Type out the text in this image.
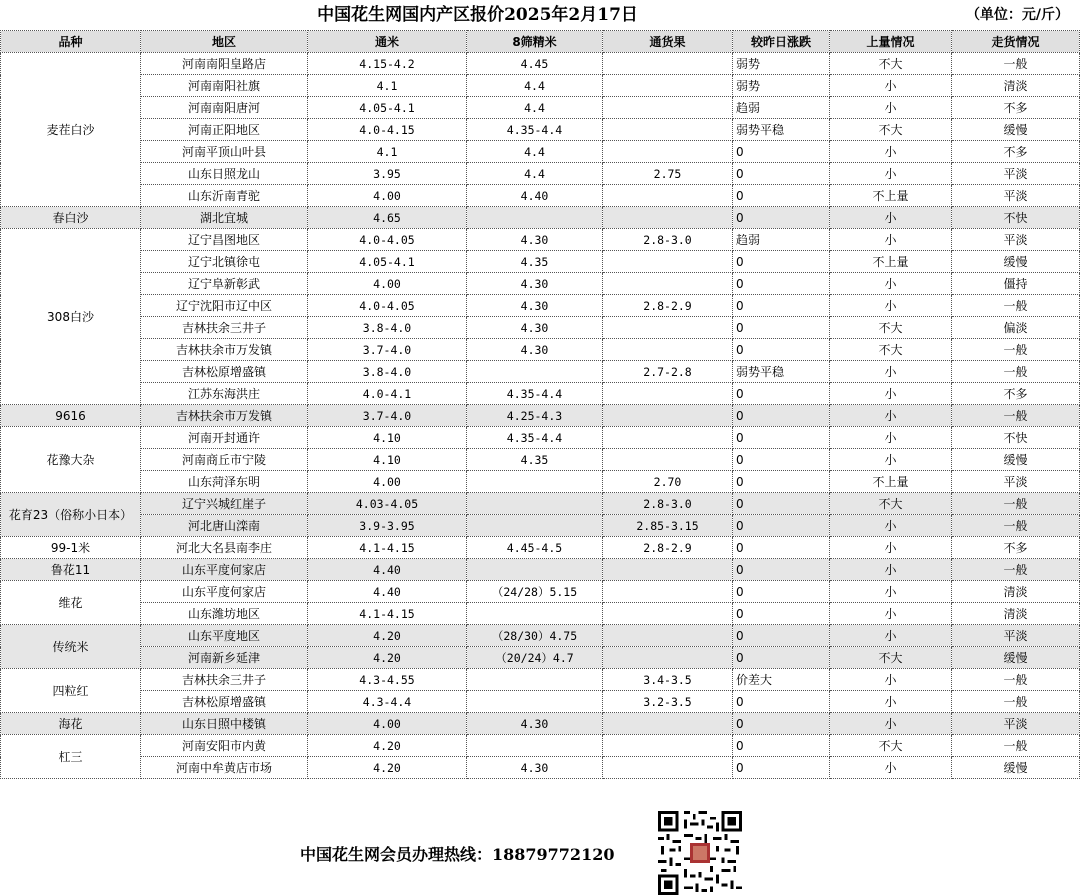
中国花生网国内产区报价2025年2月17日	（单位：元/斤）
品种	地区	通米	8筛精米	通货果	较昨日涨跌	上量情况	走货情况
麦茬白沙	河南南阳皇路店	4.15-4.2	4.45		弱势	不大	一般
	河南南阳社旗	4.1	4.4		弱势	小	清淡
	河南南阳唐河	4.05-4.1	4.4		趋弱	小	不多
	河南正阳地区	4.0-4.15	4.35-4.4		弱势平稳	不大	缓慢
	河南平顶山叶县	4.1	4.4		0	小	不多
	山东日照龙山	3.95	4.4	2.75	0	小	平淡
	山东沂南青驼	4.00	4.40		0	不上量	平淡
春白沙	湖北宜城	4.65			0	小	不快
308白沙	辽宁昌图地区	4.0-4.05	4.30	2.8-3.0	趋弱	小	平淡
	辽宁北镇徐屯	4.05-4.1	4.35		0	不上量	缓慢
	辽宁阜新彰武	4.00	4.30		0	小	僵持
	辽宁沈阳市辽中区	4.0-4.05	4.30	2.8-2.9	0	小	一般
	吉林扶余三井子	3.8-4.0	4.30		0	不大	偏淡
	吉林扶余市万发镇	3.7-4.0	4.30		0	不大	一般
	吉林松原增盛镇	3.8-4.0		2.7-2.8	弱势平稳	小	一般
	江苏东海洪庄	4.0-4.1	4.35-4.4		0	小	不多
9616	吉林扶余市万发镇	3.7-4.0	4.25-4.3		0	小	一般
花豫大杂	河南开封通许	4.10	4.35-4.4		0	小	不快
	河南商丘市宁陵	4.10	4.35		0	小	缓慢
	山东菏泽东明	4.00		2.70	0	不上量	平淡
花育23（俗称小日本）	辽宁兴城红崖子	4.03-4.05		2.8-3.0	0	不大	一般
	河北唐山滦南	3.9-3.95		2.85-3.15	0	小	一般
99-1米	河北大名县南李庄	4.1-4.15	4.45-4.5	2.8-2.9	0	小	不多
鲁花11	山东平度何家店	4.40			0	小	一般
维花	山东平度何家店	4.40	（24/28）5.15		0	小	清淡
	山东潍坊地区	4.1-4.15			0	小	清淡
传统米	山东平度地区	4.20	（28/30）4.75		0	小	平淡
	河南新乡延津	4.20	（20/24）4.7		0	不大	缓慢
四粒红	吉林扶余三井子	4.3-4.55		3.4-3.5	价差大	小	一般
	吉林松原增盛镇	4.3-4.4		3.2-3.5	0	小	一般
海花	山东日照中楼镇	4.00	4.30		0	小	平淡
杠三	河南安阳市内黄	4.20			0	不大	一般
	河南中牟黄店市场	4.20	4.30		0	小	缓慢
中国花生网会员办理热线：18879772120
